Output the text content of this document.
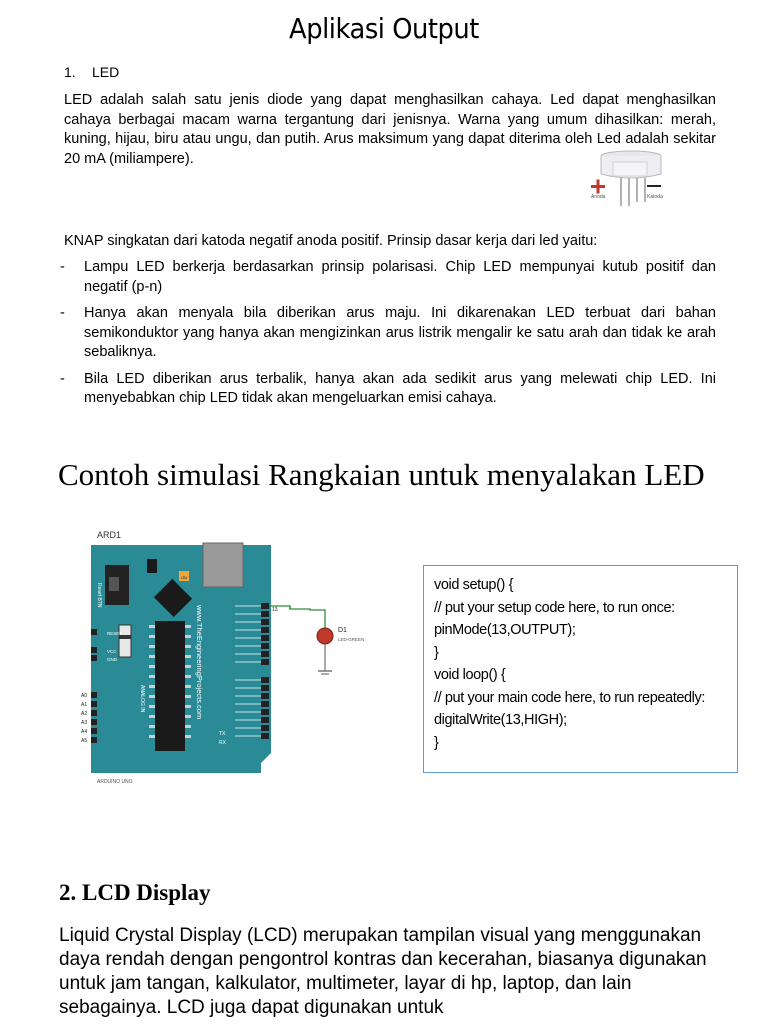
Aplikasi Output
1. LED
LED adalah salah satu jenis diode yang dapat menghasilkan cahaya. Led dapat menghasilkan cahaya berbagai macam warna tergantung dari jenisnya. Warna yang umum dihasilkan: merah, kuning, hijau, biru atau ungu, dan putih. Arus maksimum yang dapat diterima oleh Led adalah sekitar 20 mA (miliampere).
Anoda	Katoda
KNAP singkatan dari katoda negatif anoda positif. Prinsip dasar kerja dari led yaitu:
- Lampu LED berkerja berdasarkan prinsip polarisasi. Chip LED mempunyai kutub positif dan negatif (p-n)
- Hanya akan menyala bila diberikan arus maju. Ini dikarenakan LED terbuat dari bahan semikonduktor yang hanya akan mengizinkan arus listrik mengalir ke satu arah dan tidak ke arah sebaliknya.
- Bila LED diberikan arus terbalik, hanya akan ada sedikit arus yang melewati chip LED. Ini menyebabkan chip LED tidak akan mengeluarkan emisi cahaya.
Contoh simulasi Rangkaian untuk menyalakan LED
ARD1
ON
Reset BTN
ANALOG IN	www.TheEngineeringProjects.com
RESET
VCC
GND
A0
A1
A2
A3
A4
A5
13
TX
RX
ARDUINO UNO
D1
LED-GREEN
void setup() {
// put your setup code here, to run once:
pinMode(13,OUTPUT);
}
void loop() {
// put your main code here, to run repeatedly:
digitalWrite(13,HIGH);
}
2. LCD Display
Liquid Crystal Display (LCD) merupakan tampilan visual yang menggunakan daya rendah dengan pengontrol kontras dan kecerahan, biasanya digunakan untuk jam tangan, kalkulator, multimeter, layar di hp, laptop, dan lain sebagainya. LCD juga dapat digunakan untuk
